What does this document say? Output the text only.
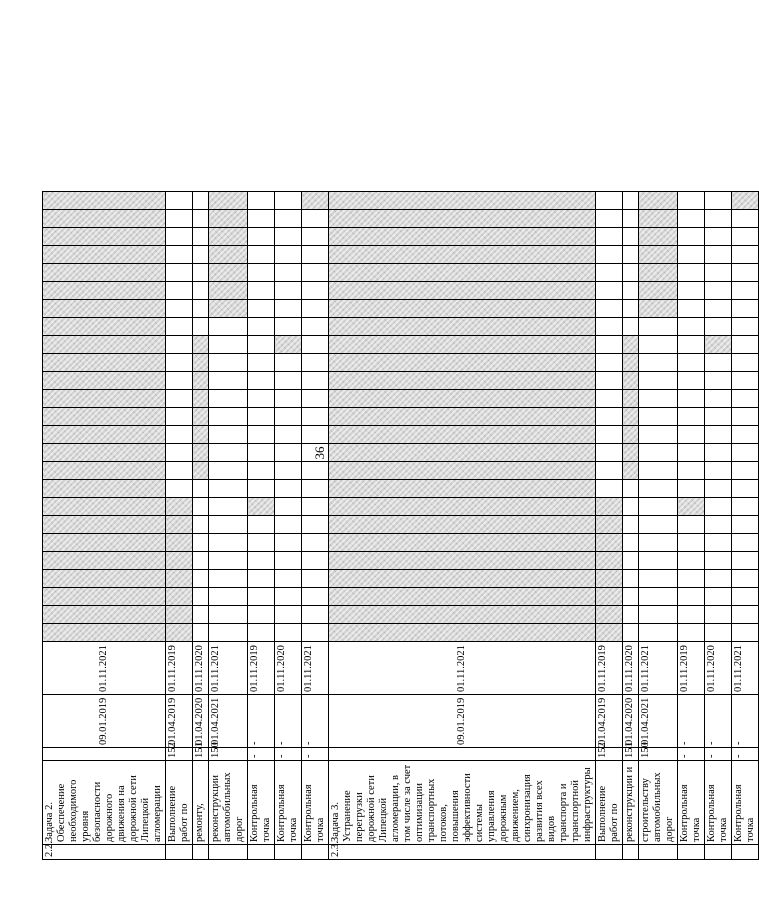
36
2.2.	Задача 2. Обеспечение необходимого уровня безопасности дорожного движения на дорожной сети Липецкой агломерации		09.01.2019	01.11.2021																									
	Выполнение работ по	152	01.04.2019	01.11.2019																									
	ремонту,	151	01.04.2020	01.11.2020																									
	реконструкции автомобильных дорог	150	01.04.2021	01.11.2021																									
	Контрольная точка	-	-	01.11.2019																									
	Контрольная точка	-	-	01.11.2020																									
	Контрольная точка	-	-	01.11.2021																									
2.3.	Задача 3. Устранение перегрузки дорожной сети Липецкой агломерации, в том числе за счет оптимизации транспортных потоков, повышения эффективности системы управления дорожным движением, синхронизация развития всех видов транспорта и транспортной инфраструктуры		09.01.2019	01.11.2021																									
	Выполнение работ по	152	01.04.2019	01.11.2019																									
	реконструкции и	151	01.04.2020	01.11.2020																									
	строительству автомобильных дорог	150	01.04.2021	01.11.2021																									
	Контрольная точка	-	-	01.11.2019																									
	Контрольная точка	-	-	01.11.2020																									
	Контрольная точка	-	-	01.11.2021																									
